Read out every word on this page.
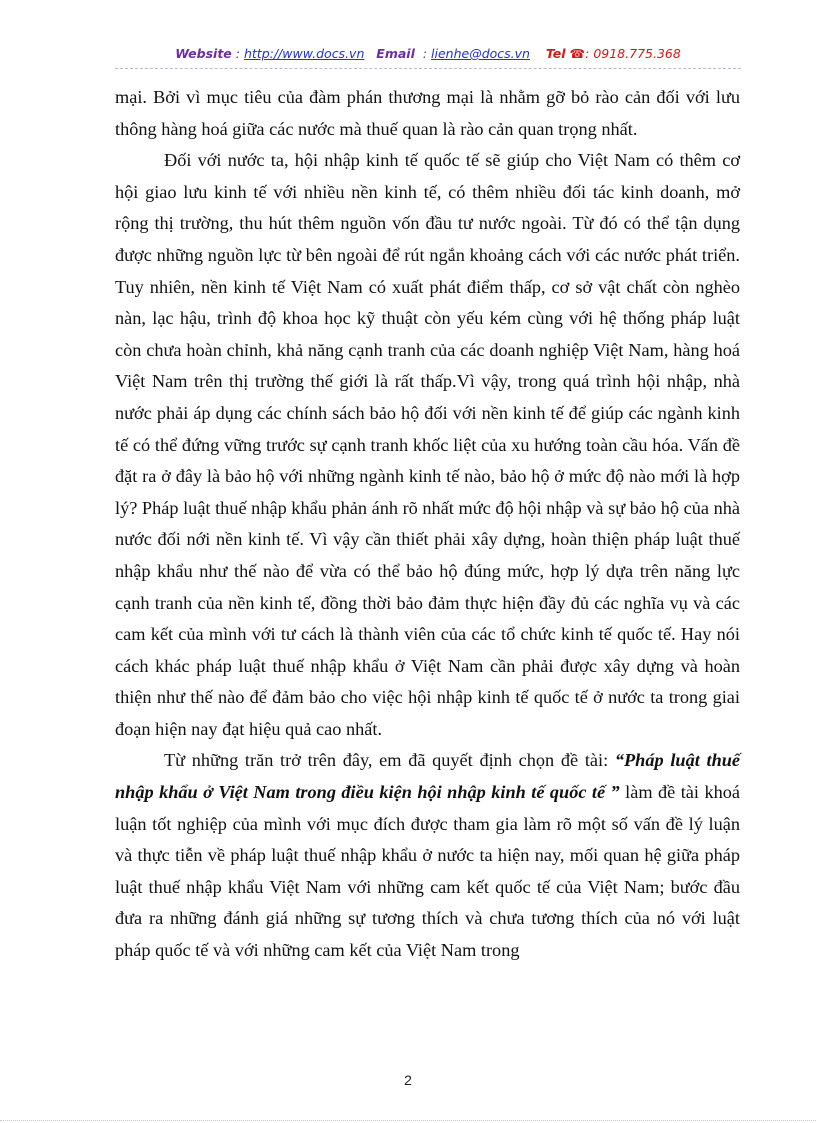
Website : http://www.docs.vn Email : lienhe@docs.vn Tel ☎: 0918.775.368

mại. Bởi vì mục tiêu của đàm phán thương mại là nhằm gỡ bỏ rào cản đối với lưu thông hàng hoá giữa các nước mà thuế quan là rào cản quan trọng nhất.

Đối với nước ta, hội nhập kinh tế quốc tế sẽ giúp cho Việt Nam có thêm cơ hội giao lưu kinh tế với nhiều nền kinh tế, có thêm nhiều đối tác kinh doanh, mở rộng thị trường, thu hút thêm nguồn vốn đầu tư nước ngoài. Từ đó có thể tận dụng được những nguồn lực từ bên ngoài để rút ngắn khoảng cách với các nước phát triển. Tuy nhiên, nền kinh tế Việt Nam có xuất phát điểm thấp, cơ sở vật chất còn nghèo nàn, lạc hậu, trình độ khoa học kỹ thuật còn yếu kém cùng với hệ thống pháp luật còn chưa hoàn chỉnh, khả năng cạnh tranh của các doanh nghiệp Việt Nam, hàng hoá Việt Nam trên thị trường thế giới là rất thấp.Vì vậy, trong quá trình hội nhập, nhà nước phải áp dụng các chính sách bảo hộ đối với nền kinh tế để giúp các ngành kinh tế có thể đứng vững trước sự cạnh tranh khốc liệt của xu hướng toàn cầu hóa. Vấn đề đặt ra ở đây là bảo hộ với những ngành kinh tế nào, bảo hộ ở mức độ nào mới là hợp lý? Pháp luật thuế nhập khẩu phản ánh rõ nhất mức độ hội nhập và sự bảo hộ của nhà nước đối nới nền kinh tế. Vì vậy cần thiết phải xây dựng, hoàn thiện pháp luật thuế nhập khẩu như thế nào để vừa có thể bảo hộ đúng mức, hợp lý dựa trên năng lực cạnh tranh của nền kinh tế, đồng thời bảo đảm thực hiện đầy đủ các nghĩa vụ và các cam kết của mình với tư cách là thành viên của các tổ chức kinh tế quốc tế. Hay nói cách khác pháp luật thuế nhập khẩu ở Việt Nam cần phải được xây dựng và hoàn thiện như thế nào để đảm bảo cho việc hội nhập kinh tế quốc tế ở nước ta trong giai đoạn hiện nay đạt hiệu quả cao nhất.

Từ những trăn trở trên đây, em đã quyết định chọn đề tài: “Pháp luật thuế nhập khẩu ở Việt Nam trong điều kiện hội nhập kinh tế quốc tế ” làm đề tài khoá luận tốt nghiệp của mình với mục đích được tham gia làm rõ một số vấn đề lý luận và thực tiễn về pháp luật thuế nhập khẩu ở nước ta hiện nay, mối quan hệ giữa pháp luật thuế nhập khẩu Việt Nam với những cam kết quốc tế của Việt Nam; bước đầu đưa ra những đánh giá những sự tương thích và chưa tương thích của nó với luật pháp quốc tế và với những cam kết của Việt Nam trong

2
